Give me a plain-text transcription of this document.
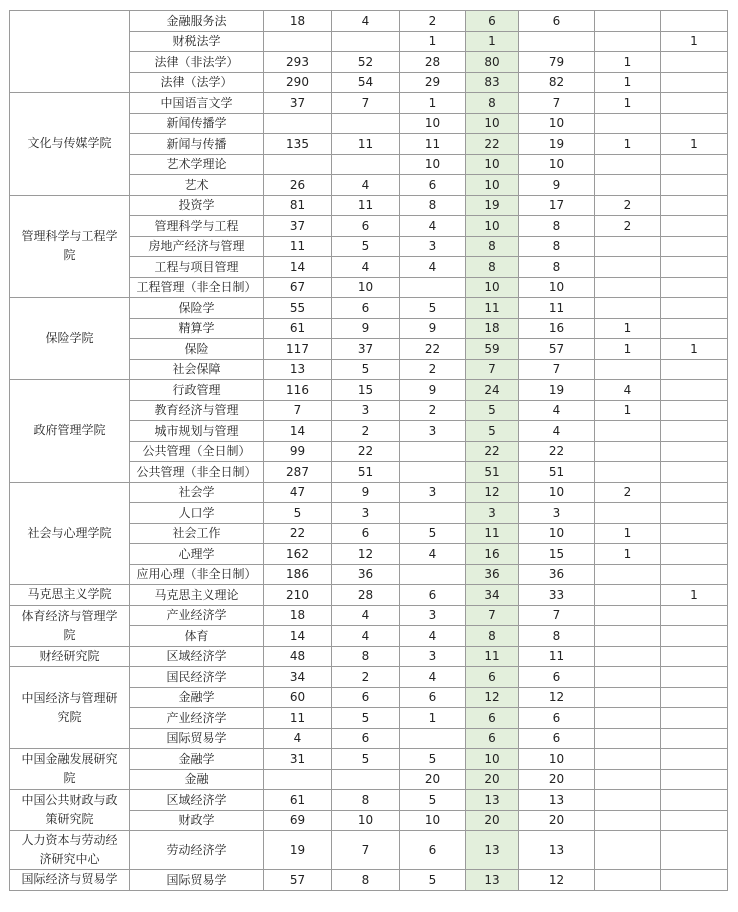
	金融服务法	18	4	2	6	6		
	财税法学			1	1			1
	法律（非法学）	293	52	28	80	79	1	
	法律（法学）	290	54	29	83	82	1	
文化与传媒学院	中国语言文学	37	7	1	8	7	1	
	新闻传播学			10	10	10		
	新闻与传播	135	11	11	22	19	1	1
	艺术学理论			10	10	10		
	艺术	26	4	6	10	9		
管理科学与工程学院	投资学	81	11	8	19	17	2	
	管理科学与工程	37	6	4	10	8	2	
	房地产经济与管理	11	5	3	8	8		
	工程与项目管理	14	4	4	8	8		
	工程管理（非全日制）	67	10		10	10		
保险学院	保险学	55	6	5	11	11		
	精算学	61	9	9	18	16	1	
	保险	117	37	22	59	57	1	1
	社会保障	13	5	2	7	7		
政府管理学院	行政管理	116	15	9	24	19	4	
	教育经济与管理	7	3	2	5	4	1	
	城市规划与管理	14	2	3	5	4		
	公共管理（全日制）	99	22		22	22		
	公共管理（非全日制）	287	51		51	51		
社会与心理学院	社会学	47	9	3	12	10	2	
	人口学	5	3		3	3		
	社会工作	22	6	5	11	10	1	
	心理学	162	12	4	16	15	1	
	应用心理（非全日制）	186	36		36	36		
马克思主义学院	马克思主义理论	210	28	6	34	33		1
体育经济与管理学院	产业经济学	18	4	3	7	7		
	体育	14	4	4	8	8		
财经研究院	区域经济学	48	8	3	11	11		
中国经济与管理研究院	国民经济学	34	2	4	6	6		
	金融学	60	6	6	12	12		
	产业经济学	11	5	1	6	6		
	国际贸易学	4	6		6	6		
中国金融发展研究院	金融学	31	5	5	10	10		
	金融			20	20	20		
中国公共财政与政策研究院	区域经济学	61	8	5	13	13		
	财政学	69	10	10	20	20		
人力资本与劳动经济研究中心	劳动经济学	19	7	6	13	13		
国际经济与贸易学	国际贸易学	57	8	5	13	12		
